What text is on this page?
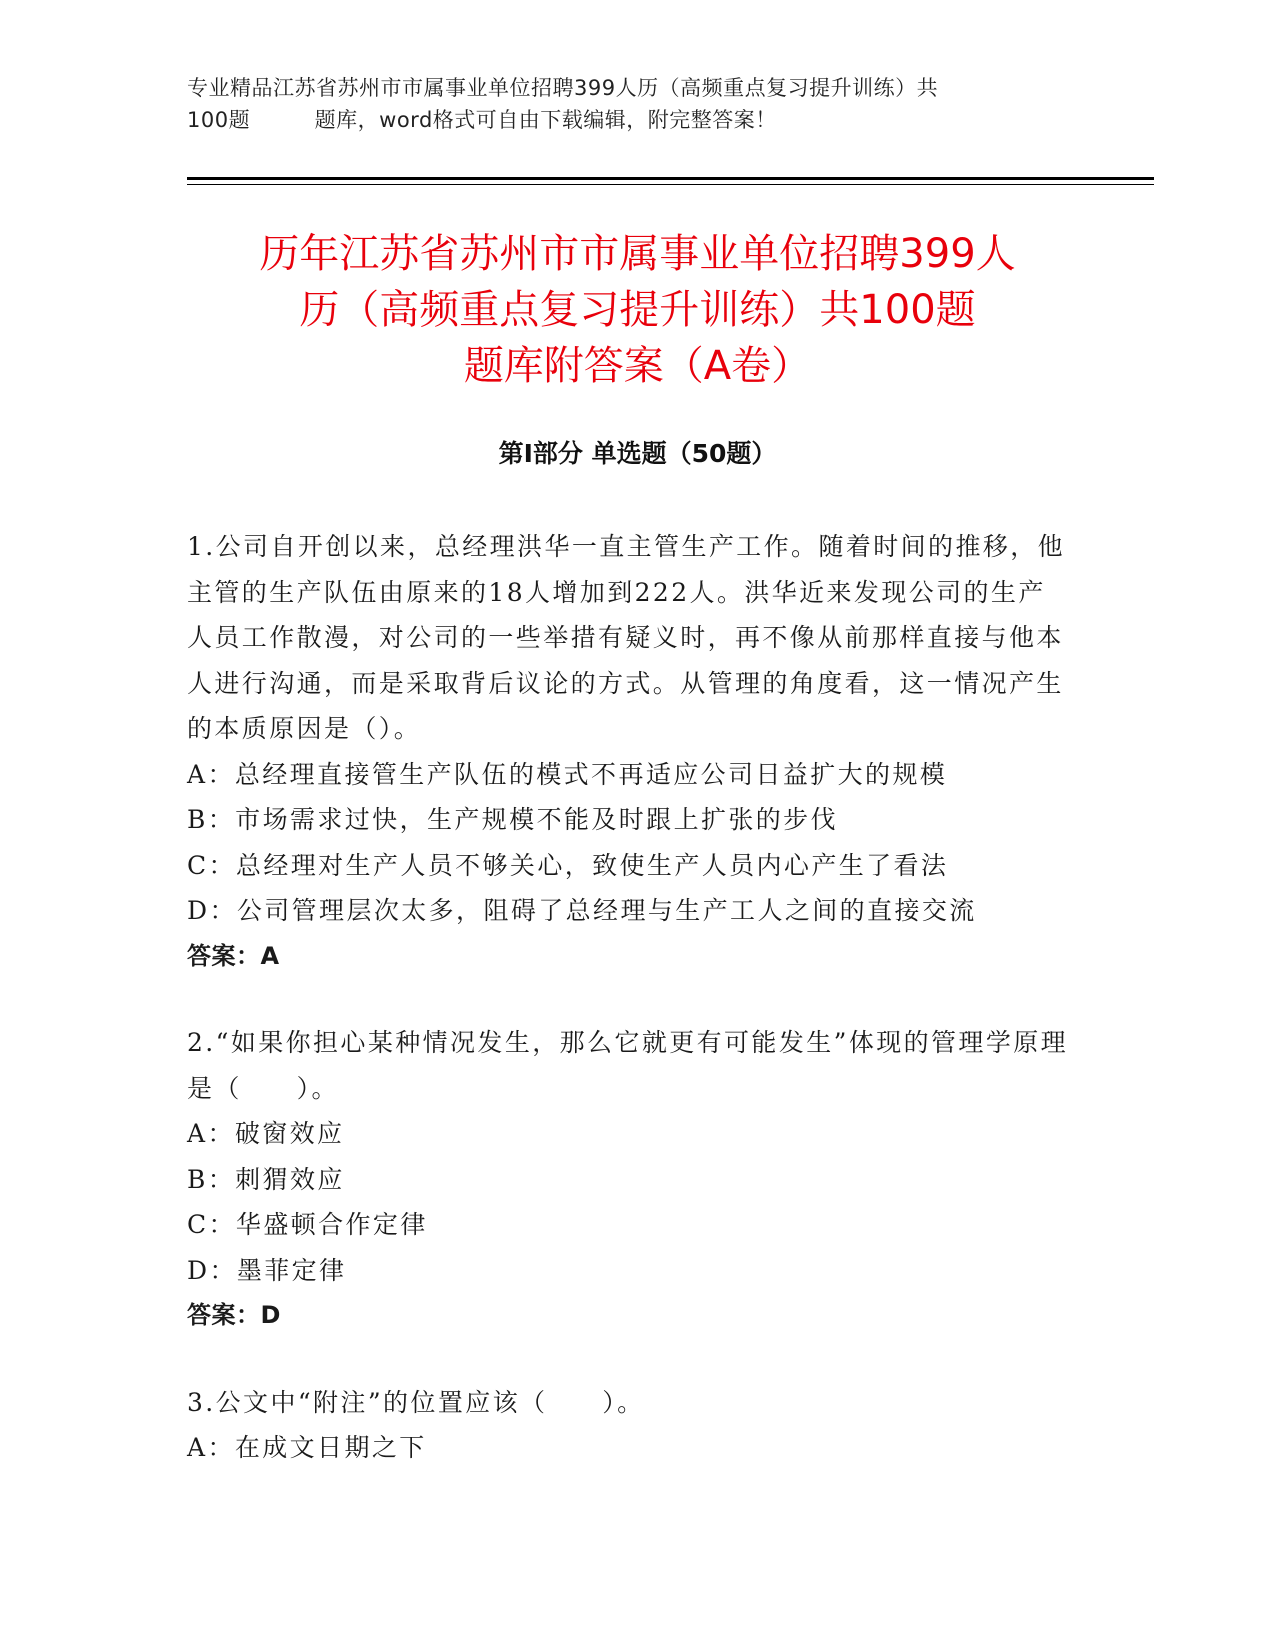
专业精品江苏省苏州市市属事业单位招聘399人历（高频重点复习提升训练）共
100题         题库，word格式可自由下载编辑，附完整答案！
历年江苏省苏州市市属事业单位招聘399人
历（高频重点复习提升训练）共100题
题库附答案（A卷）
第Ⅰ部分 单选题（50题）

1.公司自开创以来，总经理洪华一直主管生产工作。随着时间的推移，他主管的生产队伍由原来的18人增加到222人。洪华近来发现公司的生产人员工作散漫，对公司的一些举措有疑义时，再不像从前那样直接与他本人进行沟通，而是采取背后议论的方式。从管理的角度看，这一情况产生的本质原因是（）。

A：总经理直接管生产队伍的模式不再适应公司日益扩大的规模
B：市场需求过快，生产规模不能及时跟上扩张的步伐
C：总经理对生产人员不够关心，致使生产人员内心产生了看法
D：公司管理层次太多，阻碍了总经理与生产工人之间的直接交流
答案：A

2.“如果你担心某种情况发生，那么它就更有可能发生”体现的管理学原理是（　　）。

A：破窗效应
B：刺猬效应
C：华盛顿合作定律
D：墨菲定律
答案：D

3.公文中“附注”的位置应该（　　）。

A：在成文日期之下
